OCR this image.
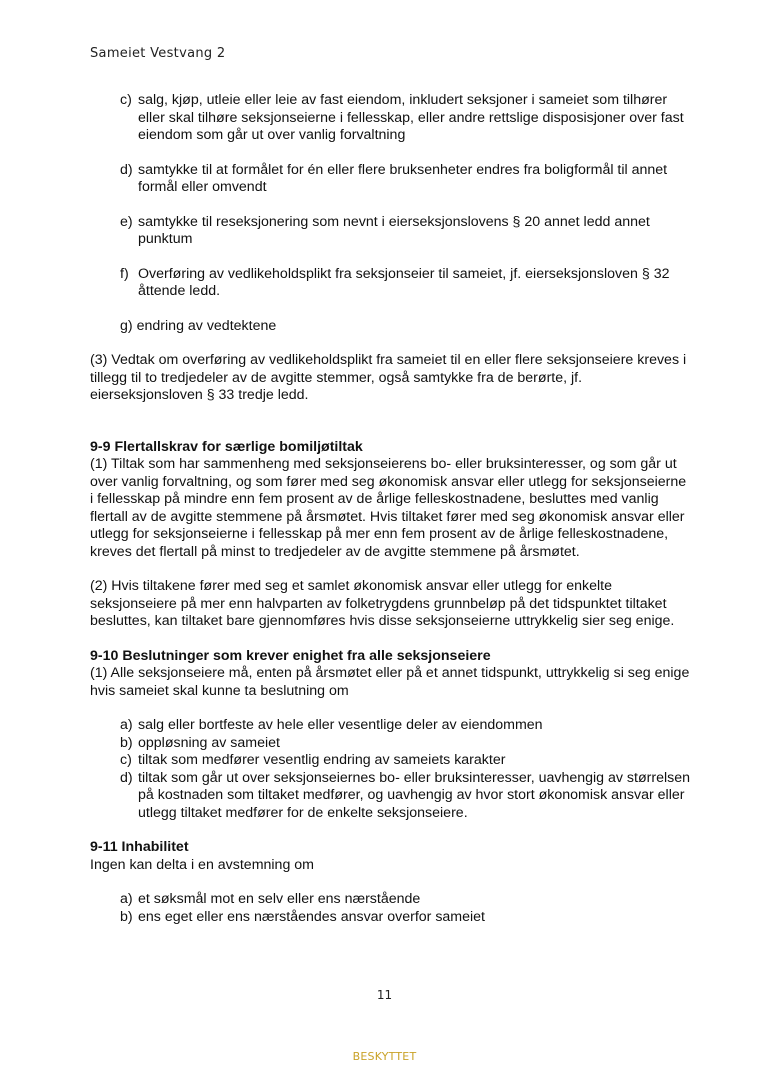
Sameiet Vestvang 2
c) salg, kjøp, utleie eller leie av fast eiendom, inkludert seksjoner i sameiet som tilhører eller skal tilhøre seksjonseierne i fellesskap, eller andre rettslige disposisjoner over fast eiendom som går ut over vanlig forvaltning
d) samtykke til at formålet for én eller flere bruksenheter endres fra boligformål til annet formål eller omvendt
e) samtykke til reseksjonering som nevnt i eierseksjonslovens § 20 annet ledd annet punktum
f) Overføring av vedlikeholdsplikt fra seksjonseier til sameiet, jf. eierseksjonsloven § 32 åttende ledd.
g) endring av vedtektene

(3) Vedtak om overføring av vedlikeholdsplikt fra sameiet til en eller flere seksjonseiere kreves i tillegg til to tredjedeler av de avgitte stemmer, også samtykke fra de berørte, jf. eierseksjonsloven § 33 tredje ledd.

9-9 Flertallskrav for særlige bomiljøtiltak

(1) Tiltak som har sammenheng med seksjonseierens bo- eller bruksinteresser, og som går ut over vanlig forvaltning, og som fører med seg økonomisk ansvar eller utlegg for seksjonseierne i fellesskap på mindre enn fem prosent av de årlige felleskostnadene, besluttes med vanlig flertall av de avgitte stemmene på årsmøtet. Hvis tiltaket fører med seg økonomisk ansvar eller utlegg for seksjonseierne i fellesskap på mer enn fem prosent av de årlige felleskostnadene, kreves det flertall på minst to tredjedeler av de avgitte stemmene på årsmøtet.

(2) Hvis tiltakene fører med seg et samlet økonomisk ansvar eller utlegg for enkelte seksjonseiere på mer enn halvparten av folketrygdens grunnbeløp på det tidspunktet tiltaket besluttes, kan tiltaket bare gjennomføres hvis disse seksjonseierne uttrykkelig sier seg enige.

9-10 Beslutninger som krever enighet fra alle seksjonseiere

(1) Alle seksjonseiere må, enten på årsmøtet eller på et annet tidspunkt, uttrykkelig si seg enige hvis sameiet skal kunne ta beslutning om

a) salg eller bortfeste av hele eller vesentlige deler av eiendommen
b) oppløsning av sameiet
c) tiltak som medfører vesentlig endring av sameiets karakter
d) tiltak som går ut over seksjonseiernes bo- eller bruksinteresser, uavhengig av størrelsen på kostnaden som tiltaket medfører, og uavhengig av hvor stort økonomisk ansvar eller utlegg tiltaket medfører for de enkelte seksjonseiere.
9-11 Inhabilitet

Ingen kan delta i en avstemning om

a) et søksmål mot en selv eller ens nærstående
b) ens eget eller ens nærståendes ansvar overfor sameiet
11
BESKYTTET
